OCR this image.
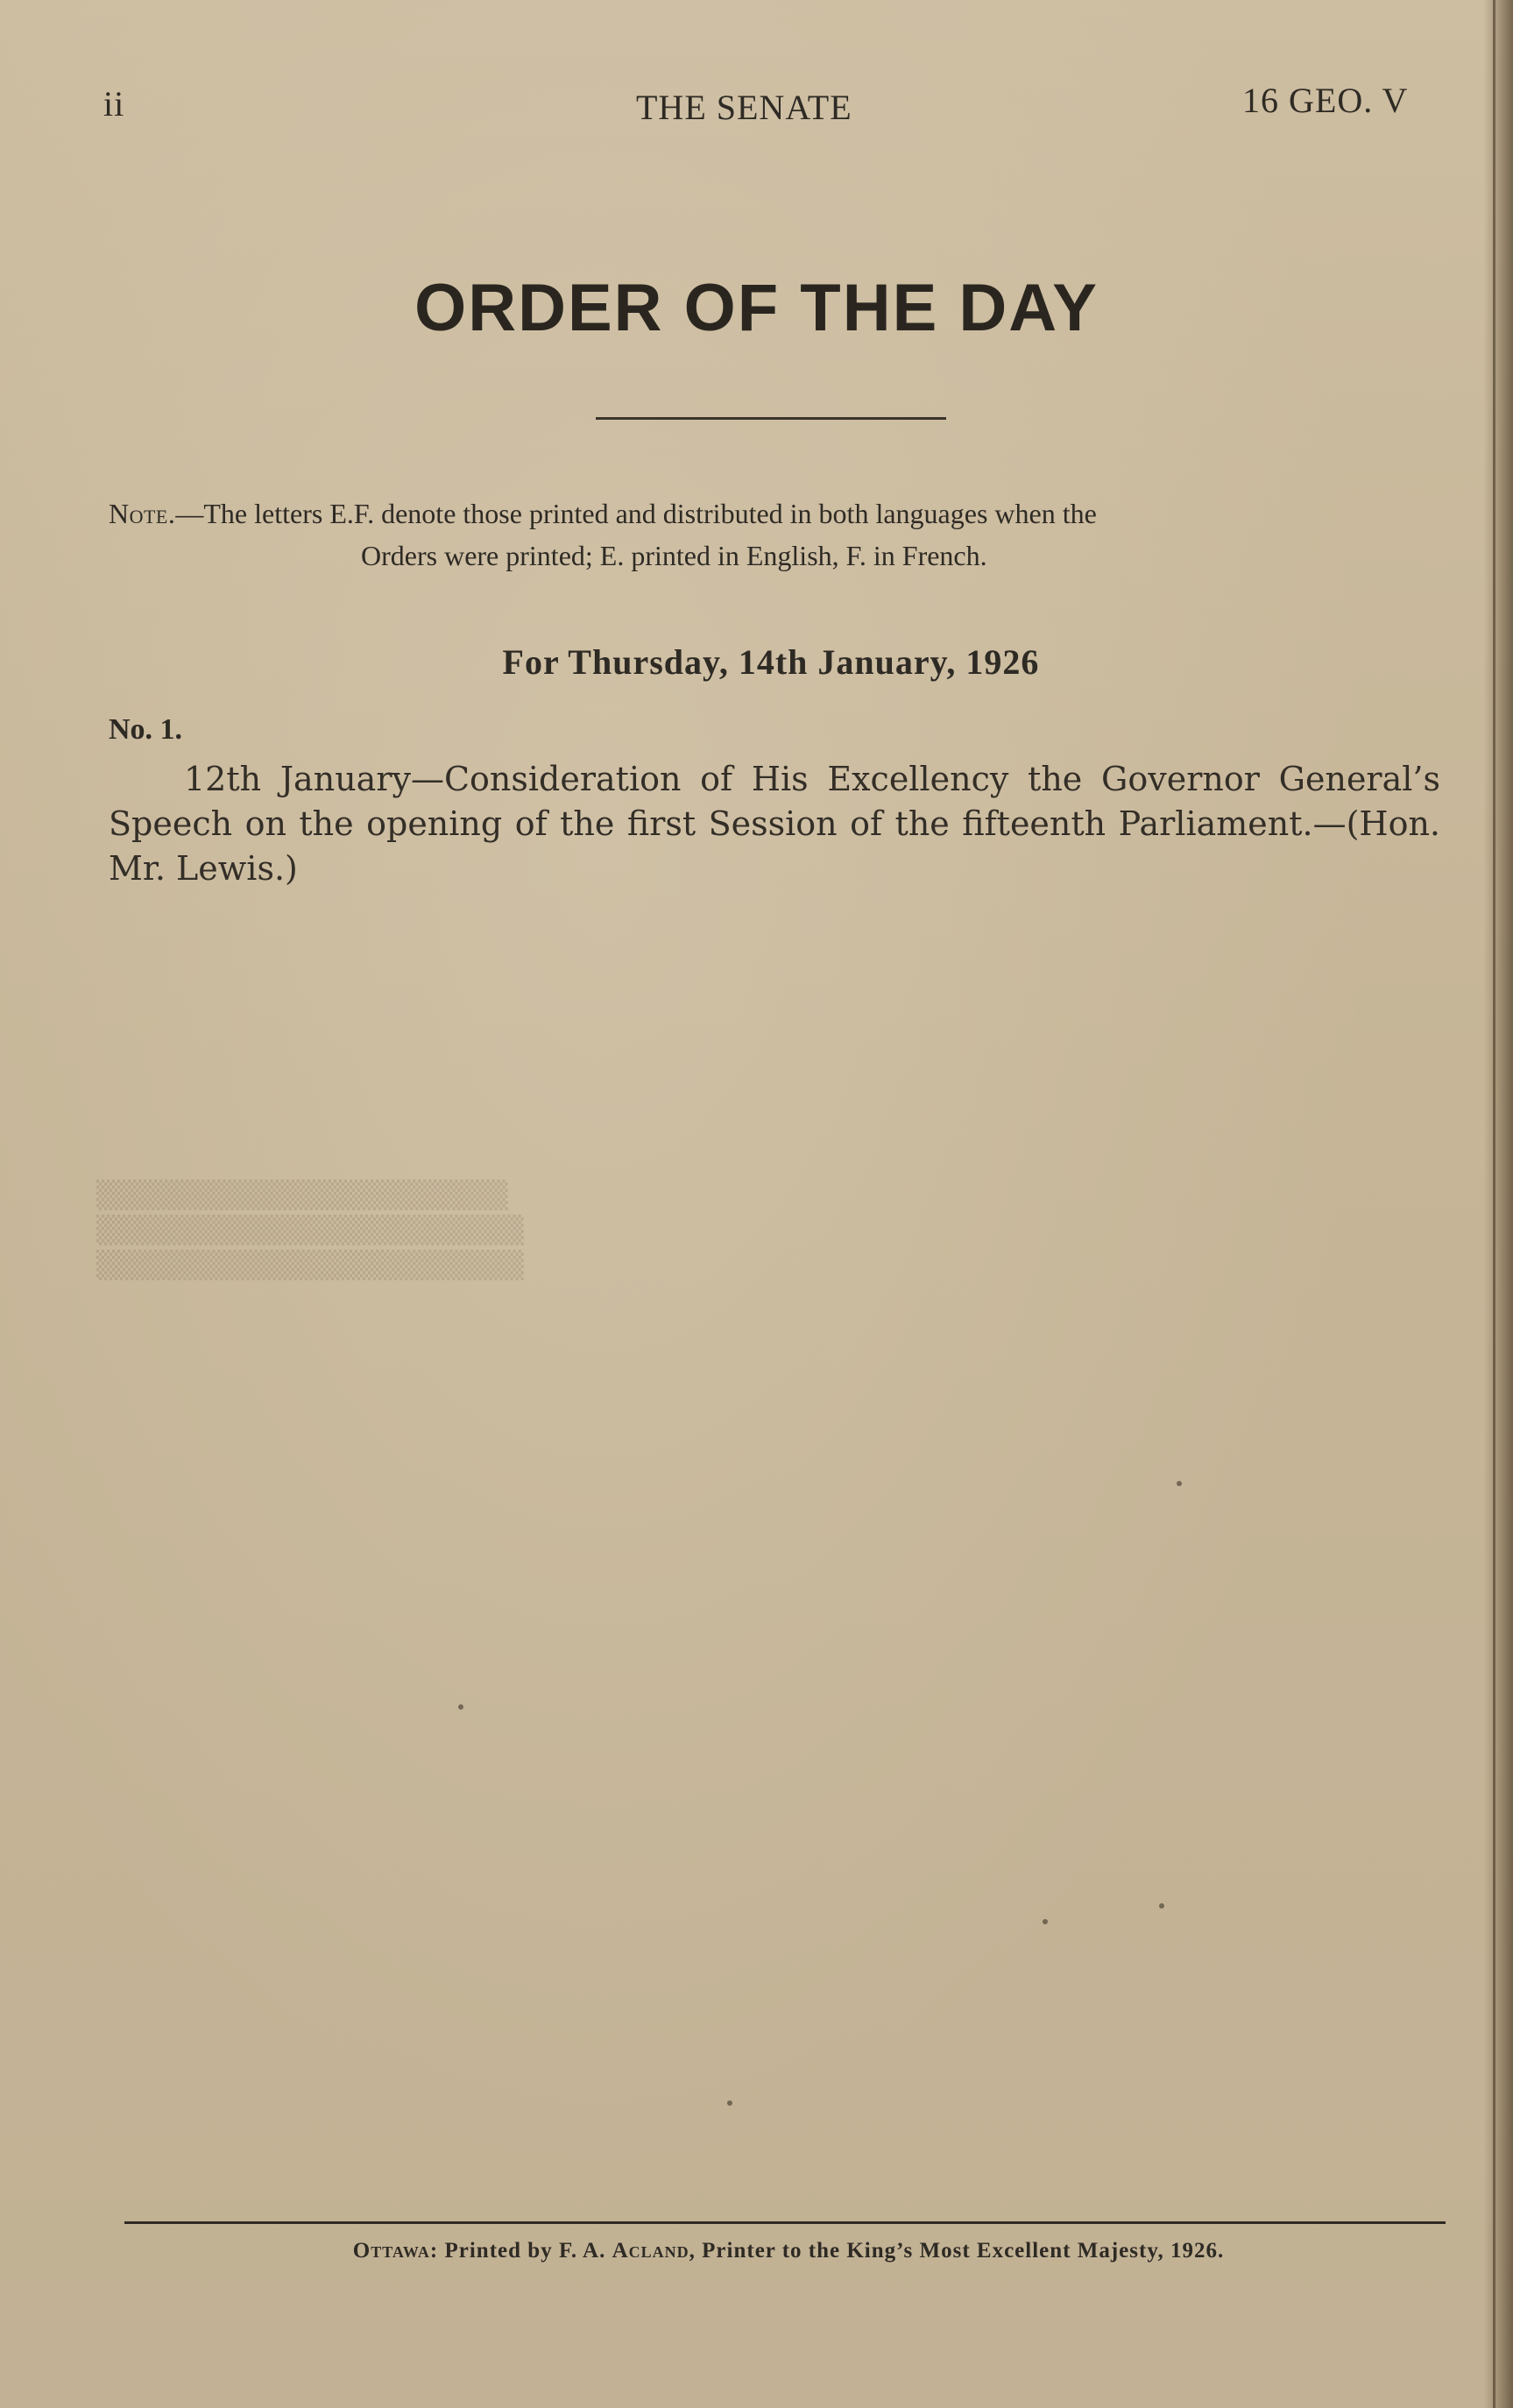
▒▒▒▒▒▒▒▒▒▒▒▒▒▒▒▒▒▒▒▒▒▒▒▒▒▒
▒▒▒▒▒▒▒▒▒▒▒▒▒▒▒▒▒▒▒▒▒▒▒▒▒▒▒
▒▒▒▒▒▒▒▒▒▒▒▒▒▒▒▒▒▒▒▒▒▒▒▒▒▒▒
ii	THE SENATE	16 GEO. V
ORDER OF THE DAY
Note.—The letters E.F. denote those printed and distributed in both languages when the
Orders were printed; E. printed in English, F. in French.
For Thursday, 14th January, 1926
No. 1.
12th January—Consideration of His Excellency the Governor General’s Speech on the opening of the first Session of the fifteenth Parliament.—(Hon. Mr. Lewis.)
Ottawa: Printed by F. A. Acland, Printer to the King’s Most Excellent Majesty, 1926.
